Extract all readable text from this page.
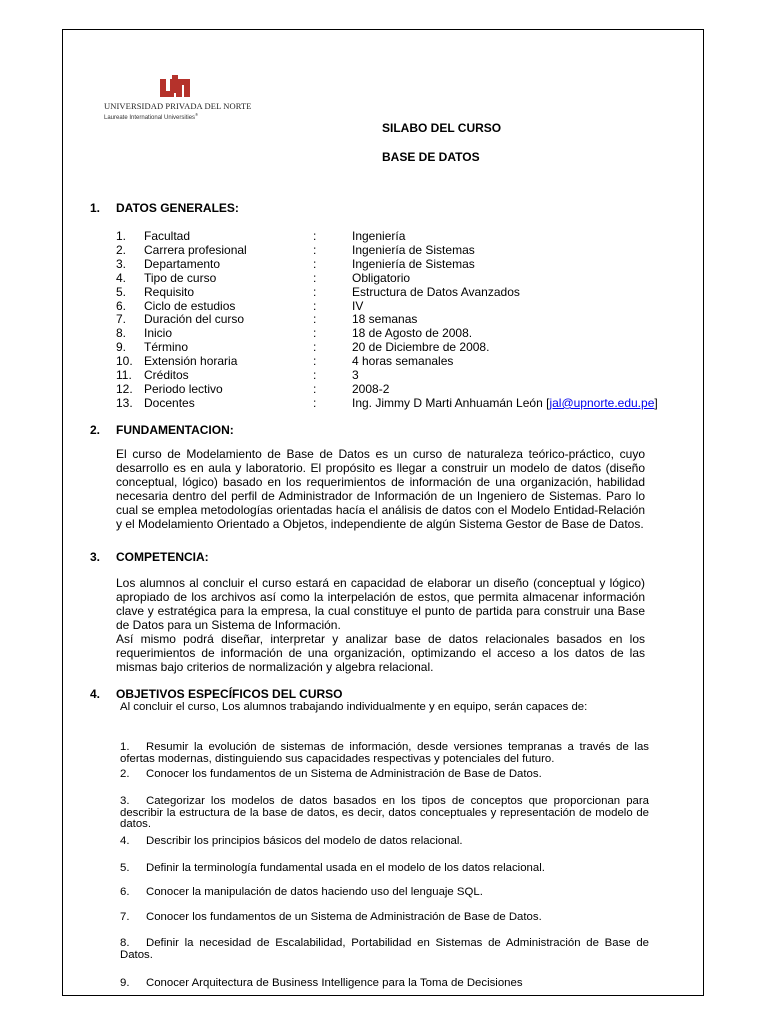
UNIVERSIDAD PRIVADA DEL NORTE
Laureate International Universities®
SILABO DEL CURSO
BASE DE DATOS
1. DATOS GENERALES:
1.	Facultad	:	Ingeniería
2.	Carrera profesional	:	Ingeniería de Sistemas
3.	Departamento	:	Ingeniería de Sistemas
4.	Tipo de curso	:	Obligatorio
5.	Requisito	:	Estructura de Datos Avanzados
6.	Ciclo de estudios	:	IV
7.	Duración del curso	:	18 semanas
8.	Inicio	:	18 de Agosto de 2008.
9.	Término	:	20 de Diciembre de 2008.
10. Extensión horaria	:	4 horas semanales
11.	Créditos	:	3
12. Periodo lectivo	:	2008-2
13. Docentes	:	Ing. Jimmy D Marti Anhuamán León [jal@upnorte.edu.pe]
2. FUNDAMENTACION:
El curso de Modelamiento de Base de Datos es un curso de naturaleza teórico-práctico, cuyo desarrollo es en aula y laboratorio. El propósito es llegar a construir un modelo de datos (diseño conceptual, lógico) basado en los requerimientos de información de una organización, habilidad necesaria dentro del perfil de Administrador de Información de un Ingeniero de Sistemas. Paro lo cual se emplea metodologías orientadas hacía el análisis de datos con el Modelo Entidad-Relación y el Modelamiento Orientado a Objetos, independiente de algún Sistema Gestor de Base de Datos.
3. COMPETENCIA:

Los alumnos al concluir el curso estará en capacidad de elaborar un diseño (conceptual y lógico) apropiado de los archivos así como la interpelación de estos, que permita almacenar información clave y estratégica para la empresa, la cual constituye el punto de partida para construir una Base de Datos para un Sistema de Información.

Así mismo podrá diseñar, interpretar y analizar base de datos relacionales basados en los requerimientos de información de una organización, optimizando el acceso a los datos de las mismas bajo criterios de normalización y algebra relacional.

4. OBJETIVOS ESPECÍFICOS DEL CURSO
Al concluir el curso, Los alumnos trabajando individualmente y en equipo, serán capaces de:
1. Resumir la evolución de sistemas de información, desde versiones tempranas a través de las ofertas modernas, distinguiendo sus capacidades respectivas y potenciales del futuro.
2. Conocer los fundamentos de un Sistema de Administración de Base de Datos.
3. Categorizar los modelos de datos basados en los tipos de conceptos que proporcionan para describir la estructura de la base de datos, es decir, datos conceptuales y representación de modelo de datos.
4. Describir los principios básicos del modelo de datos relacional.
5. Definir la terminología fundamental usada en el modelo de los datos relacional.
6. Conocer la manipulación de datos haciendo uso del lenguaje SQL.
7. Conocer los fundamentos de un Sistema de Administración de Base de Datos.
8. Definir la necesidad de Escalabilidad, Portabilidad en Sistemas de Administración de Base de Datos.
9. Conocer Arquitectura de Business Intelligence para la Toma de Decisiones
